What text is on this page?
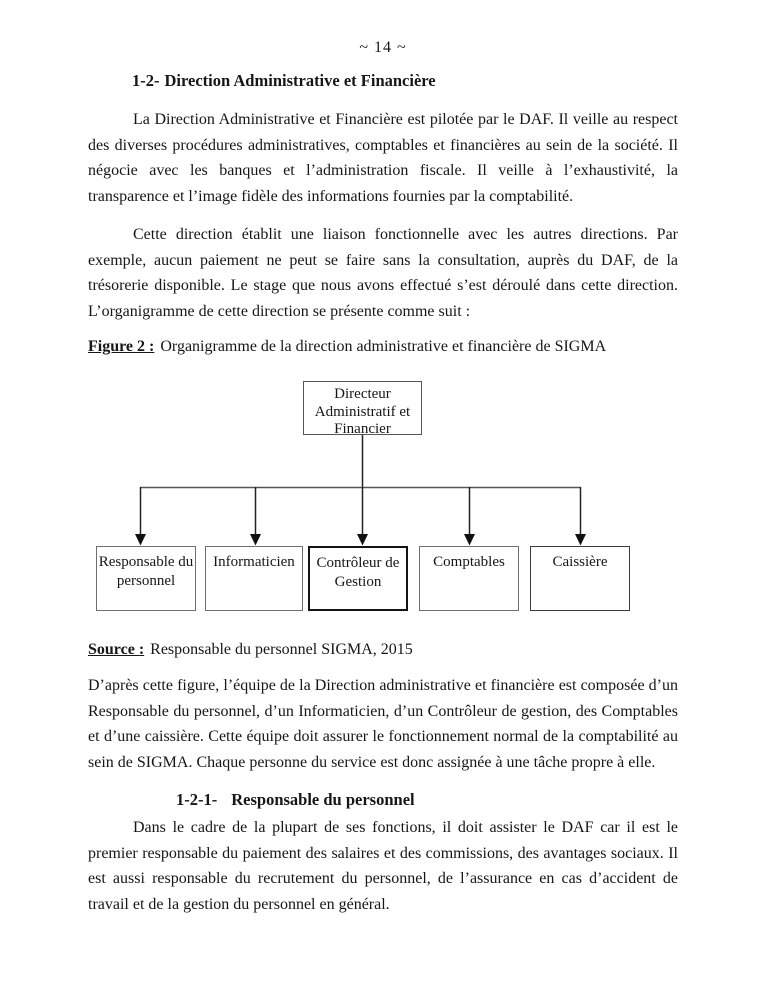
~ 14 ~
1-2- Direction Administrative et Financière

La Direction Administrative et Financière est pilotée par le DAF. Il veille au respect des diverses procédures administratives, comptables et financières au sein de la société. Il négocie avec les banques et l’administration fiscale. Il veille à l’exhaustivité, la transparence et l’image fidèle des informations fournies par la comptabilité.

Cette direction établit une liaison fonctionnelle avec les autres directions. Par exemple, aucun paiement ne peut se faire sans la consultation, auprès du DAF, de la trésorerie disponible. Le stage que nous avons effectué s’est déroulé dans cette direction. L’organigramme de cette direction se présente comme suit :

Figure 2 : Organigramme de la direction administrative et financière de SIGMA
Directeur Administratif et Financier
Responsable du personnel
Informaticien	Contrôleur de Gestion
Comptables	Caissière
Source : Responsable du personnel SIGMA, 2015

D’après cette figure, l’équipe de la Direction administrative et financière est composée d’un Responsable du personnel, d’un Informaticien, d’un Contrôleur de gestion, des Comptables et d’une caissière. Cette équipe doit assurer le fonctionnement normal de la comptabilité au sein de SIGMA. Chaque personne du service est donc assignée à une tâche propre à elle.

1-2-1- Responsable du personnel

Dans le cadre de la plupart de ses fonctions, il doit assister le DAF car il est le premier responsable du paiement des salaires et des commissions, des avantages sociaux. Il est aussi responsable du recrutement du personnel, de l’assurance en cas d’accident de travail et de la gestion du personnel en général.
